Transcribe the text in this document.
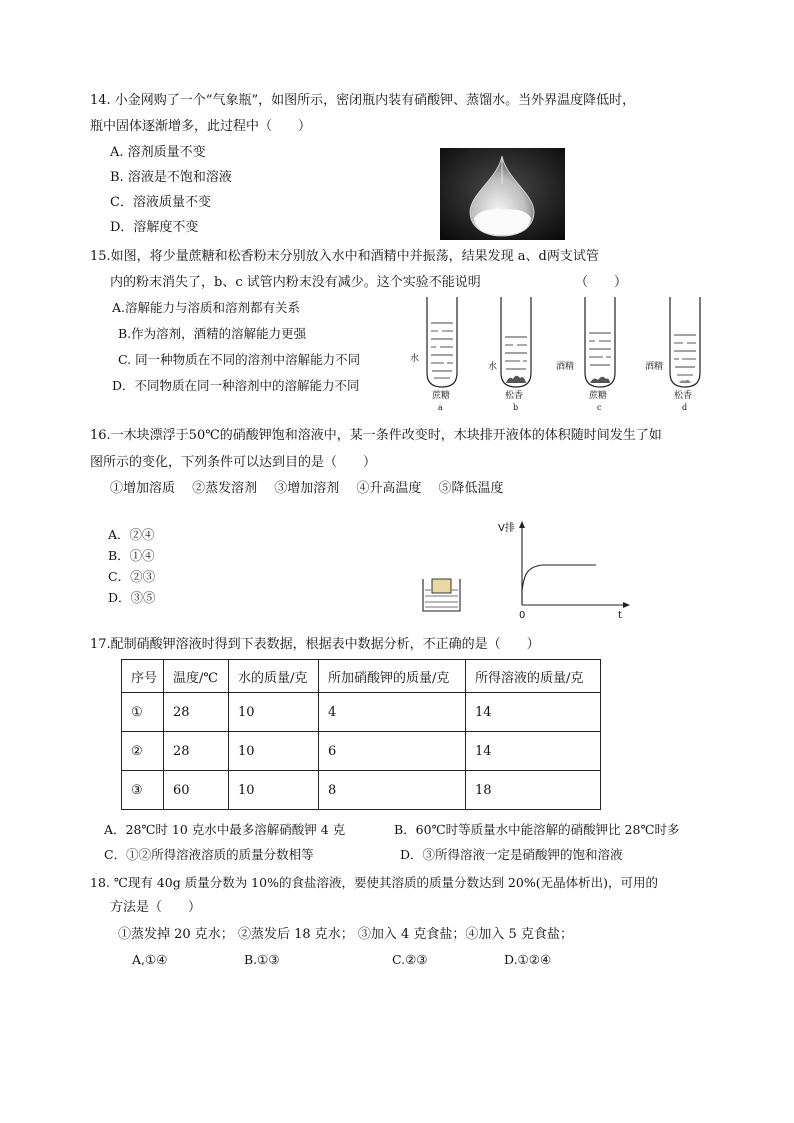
14. 小金网购了一个“气象瓶”，如图所示，密闭瓶内装有硝酸钾、蒸馏水。当外界温度降低时，
瓶中固体逐渐增多，此过程中（　　）
A. 溶剂质量不变
B. 溶液是不饱和溶液
C．溶液质量不变
D．溶解度不变
15.如图，将少量蔗糖和松香粉末分别放入水中和酒精中并振荡，结果发现 a、d两支试管
内的粉末消失了，b、c 试管内粉末没有减少。这个实验不能说明	（　　）
A.溶解能力与溶质和溶剂都有关系
B.作为溶剂，酒精的溶解能力更强
C. 同一种物质在不同的溶剂中溶解能力不同
D．不同物质在同一种溶剂中的溶解能力不同
水
蔗糖
a
水
松香
b
酒精
蔗糖
c
酒精
松香
d
16.一木块漂浮于50℃的硝酸钾饱和溶液中，某一条件改变时，木块排开液体的体积随时间发生了如
图所示的变化，下列条件可以达到目的是（　　）
①增加溶质　 ②蒸发溶剂　 ③增加溶剂　 ④升高温度　 ⑤降低温度
A．②④
B．①④
C．②③
D．③⑤
V排
0	t
17.配制硝酸钾溶液时得到下表数据，根据表中数据分析，不正确的是（　　）
序号	温度/℃	水的质量/克	所加硝酸钾的质量/克	所得溶液的质量/克
①	28	10	4	14
②	28	10	6	14
③	60	10	8	18
A．28℃时 10 克水中最多溶解硝酸钾 4 克	B．60℃时等质量水中能溶解的硝酸钾比 28℃时多
C．①②所得溶液溶质的质量分数相等	D．③所得溶液一定是硝酸钾的饱和溶液
18. ℃现有 40g 质量分数为 10%的食盐溶液，要使其溶质的质量分数达到 20%(无晶体析出)，可用的
方法是（　　）
①蒸发掉 20 克水； ②蒸发后 18 克水； ③加入 4 克食盐；④加入 5 克食盐；
A,①④	B.①③	C.②③	D.①②④
